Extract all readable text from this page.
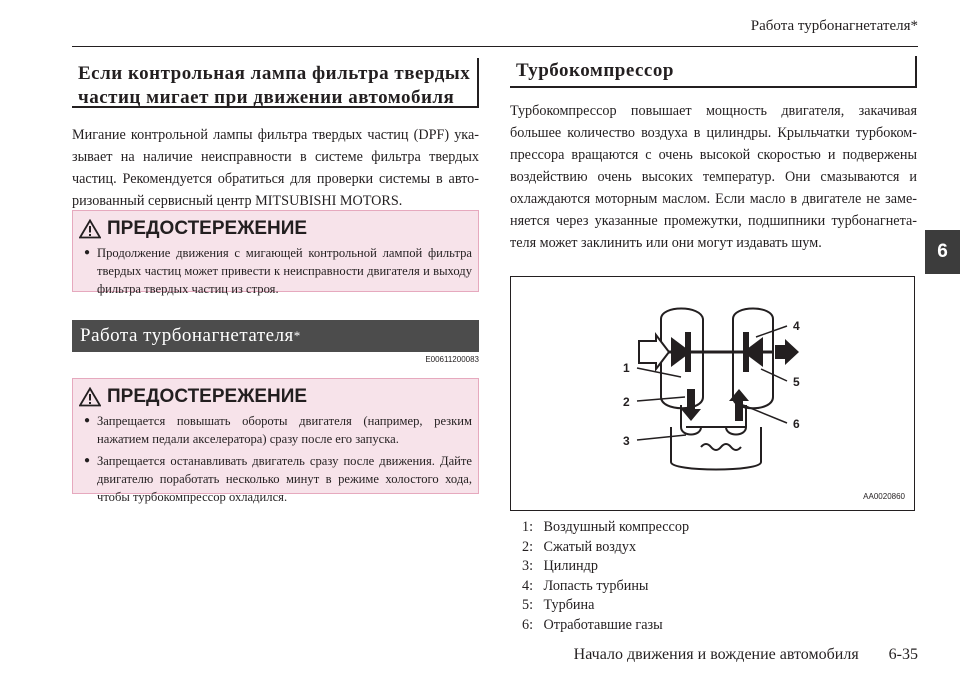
Работа турбонагнетателя*
6
Если контрольная лампа фильтра твердых
частиц мигает при движении автомобиля
Мигание контрольной лампы фильтра твердых частиц (DPF) ука-зывает на наличие неисправности в системе фильтра твердых частиц. Рекомендуется обратиться для проверки системы в авто-ризованный сервисный центр MITSUBISHI MOTORS.
ПРЕДОСТЕРЕЖЕНИЕ
● Продолжение движения с мигающей контрольной лампой фильтра твердых частиц может привести к неисправности двигателя и выходу фильтра твердых частиц из строя.
Работа турбонагнетателя *
E00611200083
ПРЕДОСТЕРЕЖЕНИЕ
● Запрещается повышать обороты двигателя (например, резким нажатием педали акселератора) сразу после его запуска.
● Запрещается останавливать двигатель сразу после движения. Дайте двигателю поработать несколько минут в режиме холостого хода, чтобы турбокомпрессор охладился.
Турбокомпрессор
Турбокомпрессор повышает мощность двигателя, закачивая большее количество воздуха в цилиндры. Крыльчатки турбоком-прессора вращаются с очень высокой скоростью и подвержены воздействию очень высоких температур. Они смазываются и охлаждаются моторным маслом. Если масло в двигателе не заме-няется через указанные промежутки, подшипники турбонагнета-теля может заклинить или они могут издавать шум.
1
2
3
4
5
6
AA0020860
1: Воздушный компрессор
2: Сжатый воздух
3: Цилиндр
4: Лопасть турбины
5: Турбина
6: Отработавшие газы
Начало движения и вождение автомобиля 6-35
